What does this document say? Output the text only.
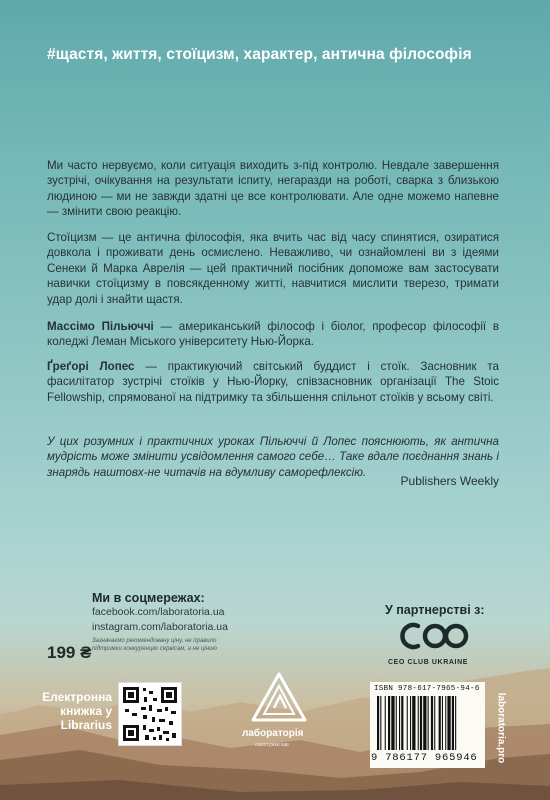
#щастя, життя, стоїцизм, характер, антична філософія

Ми часто нервуємо, коли ситуація виходить з-під контролю. Невдале завершення зустрічі, очікування на результати іспиту, негаразди на роботі, сварка з близькою людиною — ми не завжди здатні це все контролювати. Але одне можемо напевне — змінити свою реакцію.

Стоїцизм — це антична філософія, яка вчить час від часу спинятися, озиратися довкола і проживати день осмислено. Неважливо, чи ознайомлені ви з ідеями Сенеки й Марка Аврелія — цей практичний посібник допоможе вам застосувати навички стоїцизму в повсякденному житті, навчитися мислити тверезо, тримати удар долі і знайти щастя.

Массімо Пільюччі — американський філософ і біолог, професор філософії в коледжі Леман Міського університету Нью-Йорка.

Ґреґорі Лопес — практикуючий світський буддист і стоїк. Засновник та фасилітатор зустрічі стоїків у Нью-Йорку, співзасновник організації The Stoic Fellowship, спрямованої на підтримку та збільшення спільнот стоїків у всьому світі.

У цих розумних і практичних уроках Пільюччі й Лопес пояснюють, як антична мудрість може змінити усвідомлення самого себе… Таке вдале поєднання знань і знарядь наштовх-не читачів на вдумливу саморефлексію.

Publishers Weekly
Ми в соцмережах:
facebook.com/laboratoria.ua
instagram.com/laboratoria.ua
199 ₴
Зазначаємо рекомендовану ціну, не правило підтримки конкуренцію сервісам, а не ціною
Електронна книжка у Librarius
У партнерстві з:
CEO CLUB UKRAINE
лабораторія
самотужки іще
ISBN 978-617-7965-94-6
9 786177 965946 laboratoria.pro
